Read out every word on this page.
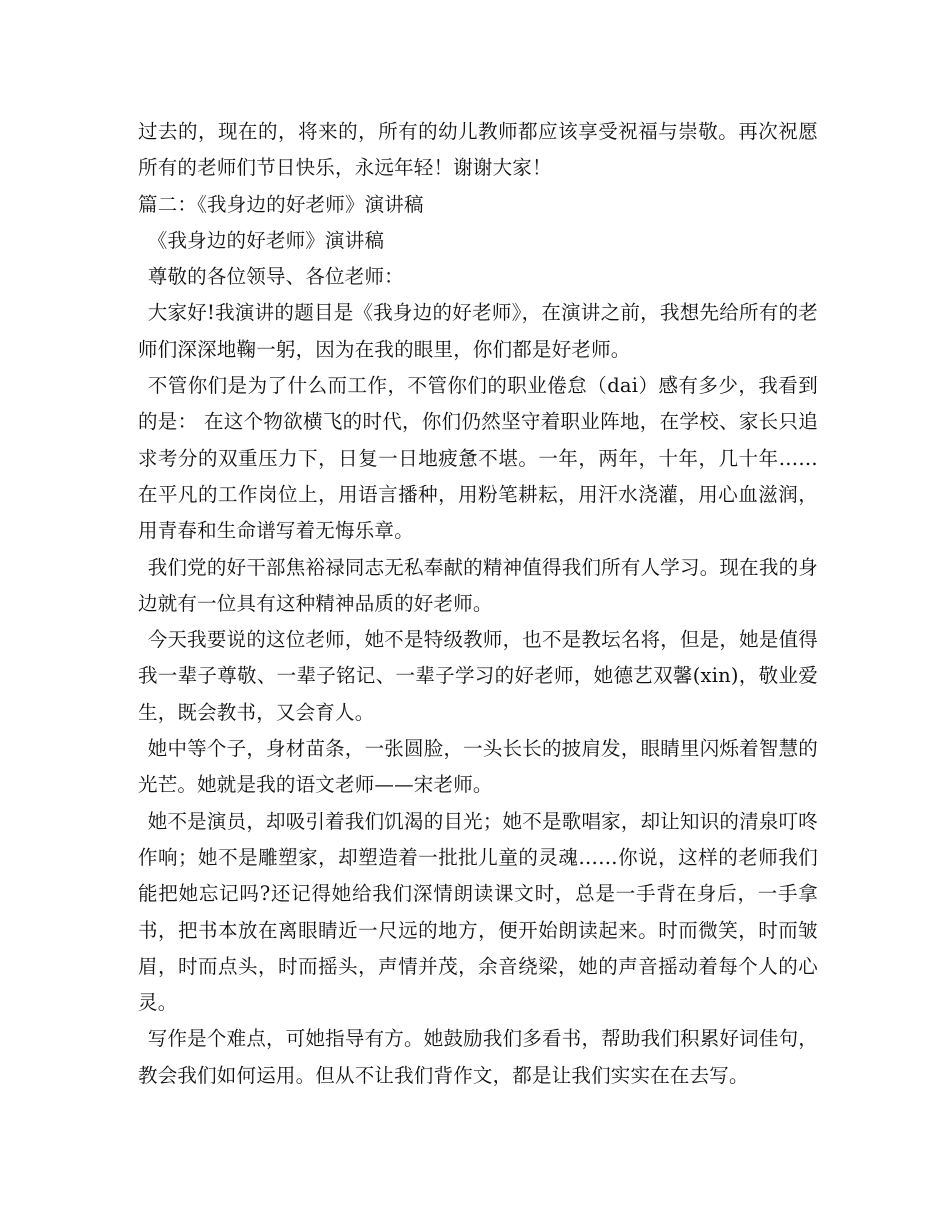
过去的，现在的，将来的，所有的幼儿教师都应该享受祝福与崇敬。再次祝愿所有的老师们节日快乐，永远年轻！谢谢大家！

篇二：《我身边的好老师》演讲稿

《我身边的好老师》演讲稿

尊敬的各位领导、各位老师：

大家好!我演讲的题目是《我身边的好老师》，在演讲之前，我想先给所有的老师们深深地鞠一躬，因为在我的眼里，你们都是好老师。

不管你们是为了什么而工作，不管你们的职业倦怠（dai）感有多少，我看到的是： 在这个物欲横飞的时代，你们仍然坚守着职业阵地，在学校、家长只追求考分的双重压力下，日复一日地疲惫不堪。一年，两年，十年，几十年……在平凡的工作岗位上，用语言播种，用粉笔耕耘，用汗水浇灌，用心血滋润，用青春和生命谱写着无悔乐章。

我们党的好干部焦裕禄同志无私奉献的精神值得我们所有人学习。现在我的身边就有一位具有这种精神品质的好老师。

今天我要说的这位老师，她不是特级教师，也不是教坛名将，但是，她是值得我一辈子尊敬、一辈子铭记、一辈子学习的好老师，她德艺双馨(xin)，敬业爱生，既会教书，又会育人。

她中等个子，身材苗条，一张圆脸，一头长长的披肩发，眼睛里闪烁着智慧的光芒。她就是我的语文老师——宋老师。

她不是演员，却吸引着我们饥渴的目光；她不是歌唱家，却让知识的清泉叮咚作响；她不是雕塑家，却塑造着一批批儿童的灵魂……你说，这样的老师我们能把她忘记吗?还记得她给我们深情朗读课文时，总是一手背在身后，一手拿书，把书本放在离眼睛近一尺远的地方，便开始朗读起来。时而微笑，时而皱眉，时而点头，时而摇头，声情并茂，余音绕梁，她的声音摇动着每个人的心灵。

写作是个难点，可她指导有方。她鼓励我们多看书，帮助我们积累好词佳句，教会我们如何运用。但从不让我们背作文，都是让我们实实在在去写。
